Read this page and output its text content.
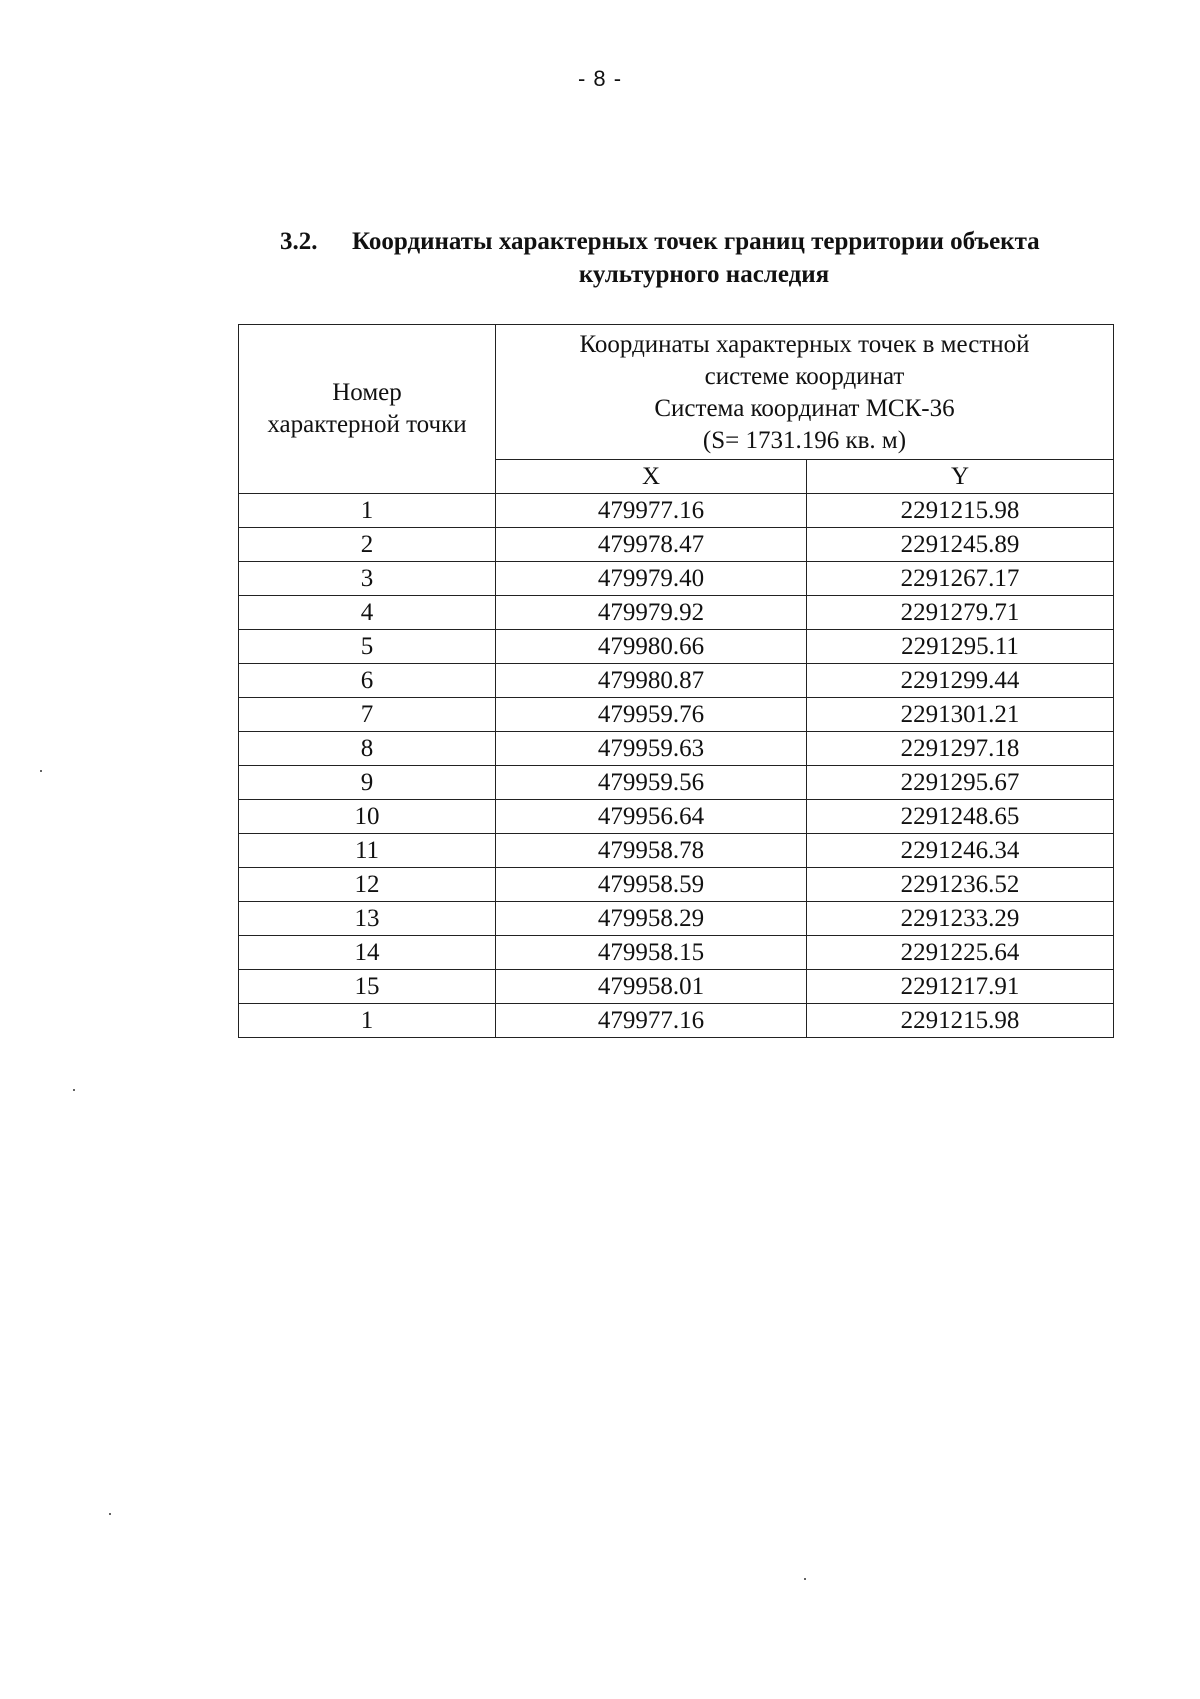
- 8 -
3.2.	Координаты характерных точек границ территории объекта
культурного наследия
Номер
характерной точки	Координаты характерных точек в местной
системе координат
Система координат МСК-36
(S= 1731.196 кв. м)	

	X	Y
1	479977.16	2291215.98
2	479978.47	2291245.89
3	479979.40	2291267.17
4	479979.92	2291279.71
5	479980.66	2291295.11
6	479980.87	2291299.44
7	479959.76	2291301.21
8	479959.63	2291297.18
9	479959.56	2291295.67
10	479956.64	2291248.65
11	479958.78	2291246.34
12	479958.59	2291236.52
13	479958.29	2291233.29
14	479958.15	2291225.64
15	479958.01	2291217.91
1	479977.16	2291215.98
